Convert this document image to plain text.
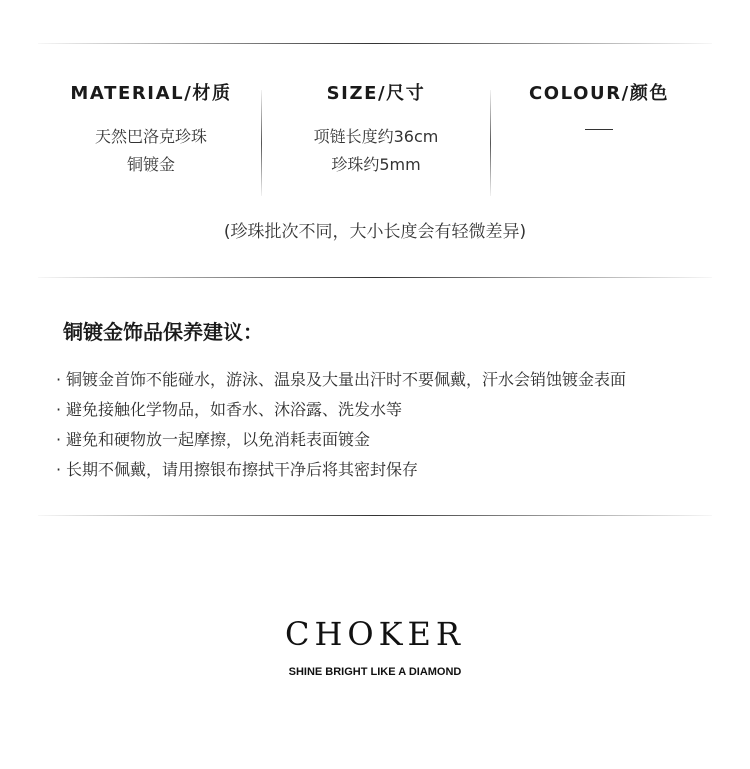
MATERIAL/材质
天然巴洛克珍珠
铜镀金
SIZE/尺寸
项链长度约36cm
珍珠约5mm
COLOUR/颜色
(珍珠批次不同，大小长度会有轻微差异)
铜镀金饰品保养建议：
· 铜镀金首饰不能碰水，游泳、温泉及大量出汗时不要佩戴，汗水会销蚀镀金表面
· 避免接触化学物品，如香水、沐浴露、洗发水等
· 避免和硬物放一起摩擦，以免消耗表面镀金
· 长期不佩戴，请用擦银布擦拭干净后将其密封保存
CHOKER
SHINE BRIGHT LIKE A DIAMOND
